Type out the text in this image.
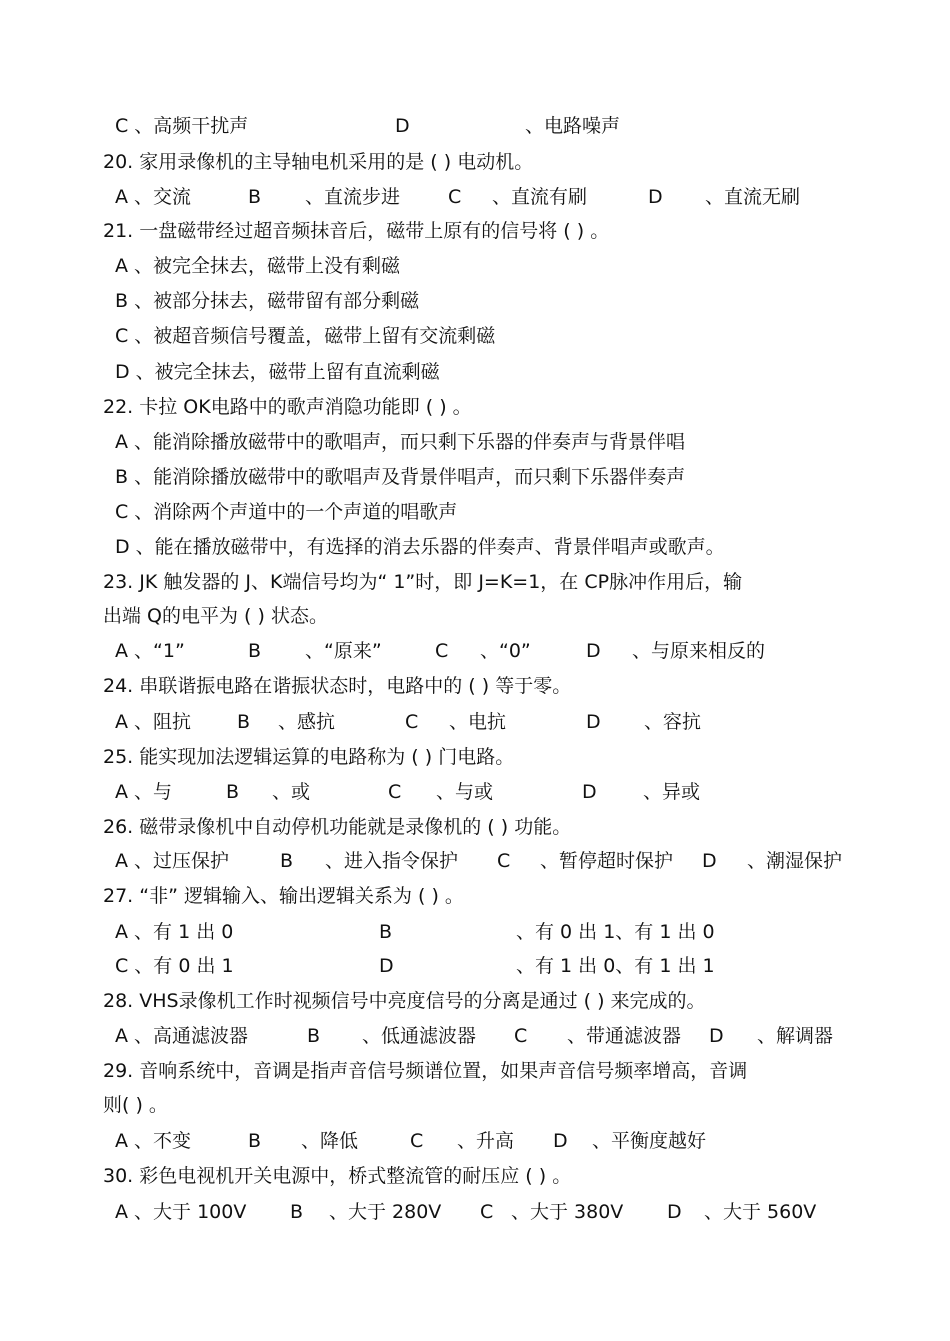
C 、高频干扰声	D	、电路噪声
20. 家用录像机的主导轴电机采用的是 ( ) 电动机。
A 、交流	B 、直流步进	C 、直流有刷	D 、直流无刷
21. 一盘磁带经过超音频抹音后，磁带上原有的信号将 ( ) 。
A 、被完全抹去，磁带上没有剩磁
B 、被部分抹去，磁带留有部分剩磁
C 、被超音频信号覆盖，磁带上留有交流剩磁
D 、被完全抹去，磁带上留有直流剩磁
22. 卡拉 OK电路中的歌声消隐功能即 ( ) 。
A 、能消除播放磁带中的歌唱声，而只剩下乐器的伴奏声与背景伴唱
B 、能消除播放磁带中的歌唱声及背景伴唱声，而只剩下乐器伴奏声
C 、消除两个声道中的一个声道的唱歌声
D 、能在播放磁带中，有选择的消去乐器的伴奏声、背景伴唱声或歌声。
23. JK 触发器的 J、K端信号均为“ 1”时，即 J=K=1，在 CP脉冲作用后，输
出端 Q的电平为 ( ) 状态。
A 、“1”	B 、“原来”	C 、“0”	D 、与原来相反的
24. 串联谐振电路在谐振状态时，电路中的 ( ) 等于零。
A 、阻抗 B 、感抗	C 、电抗	D 、容抗
25. 能实现加法逻辑运算的电路称为 ( ) 门电路。
A 、与	B 、或	C 、与或	D 、异或
26. 磁带录像机中自动停机功能就是录像机的 ( ) 功能。
A 、过压保护	B 、进入指令保护 C 、暂停超时保护 D 、潮湿保护
27. “非” 逻辑输入、输出逻辑关系为 ( ) 。
A 、有 1 出 0	B	、有 0 出 1、有 1 出 0
C 、有 0 出 1	D	、有 1 出 0、有 1 出 1
28. VHS录像机工作时视频信号中亮度信号的分离是通过 ( ) 来完成的。
A 、高通滤波器	B 、低通滤波器 C 、带通滤波器 D 、解调器
29. 音响系统中，音调是指声音信号频谱位置，如果声音信号频率增高，音调
则( ) 。
A 、不变	B 、降低	C 、升高 D 、平衡度越好
30. 彩色电视机开关电源中，桥式整流管的耐压应 ( ) 。
A 、大于 100V B 、大于 280V C 、大于 380V D 、大于 560V
